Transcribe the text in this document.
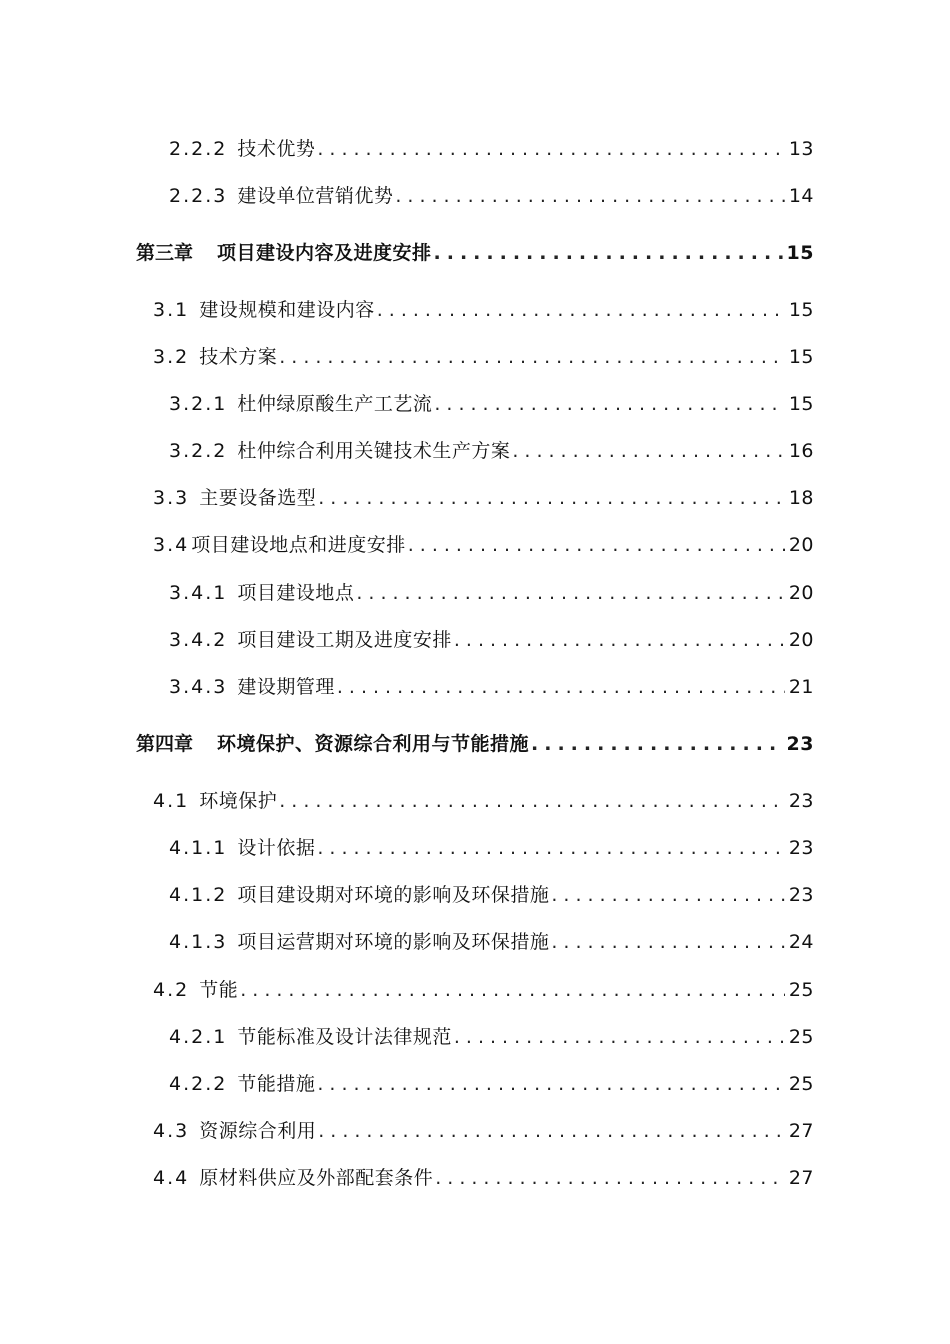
2.2.2 技术优势 .....	13
2.2.3 建设单位营销优势 .....	14
第三章 项目建设内容及进度安排 .....	15
3.1 建设规模和建设内容 .....	15
3.2 技术方案 .....	15
3.2.1 杜仲绿原酸生产工艺流 .....	15
3.2.2 杜仲综合利用关键技术生产方案 .....	16
3.3 主要设备选型 .....	18
3.4 项目建设地点和进度安排 .....	20
3.4.1 项目建设地点 .....	20
3.4.2 项目建设工期及进度安排 .....	20
3.4.3 建设期管理 .....	21
第四章 环境保护、资源综合利用与节能措施 .....	23
4.1 环境保护 .....	23
4.1.1 设计依据 .....	23
4.1.2 项目建设期对环境的影响及环保措施 .....	23
4.1.3 项目运营期对环境的影响及环保措施 .....	24
4.2 节能 .....	25
4.2.1 节能标准及设计法律规范 .....	25
4.2.2 节能措施 .....	25
4.3 资源综合利用 .....	27
4.4 原材料供应及外部配套条件 .....	27
